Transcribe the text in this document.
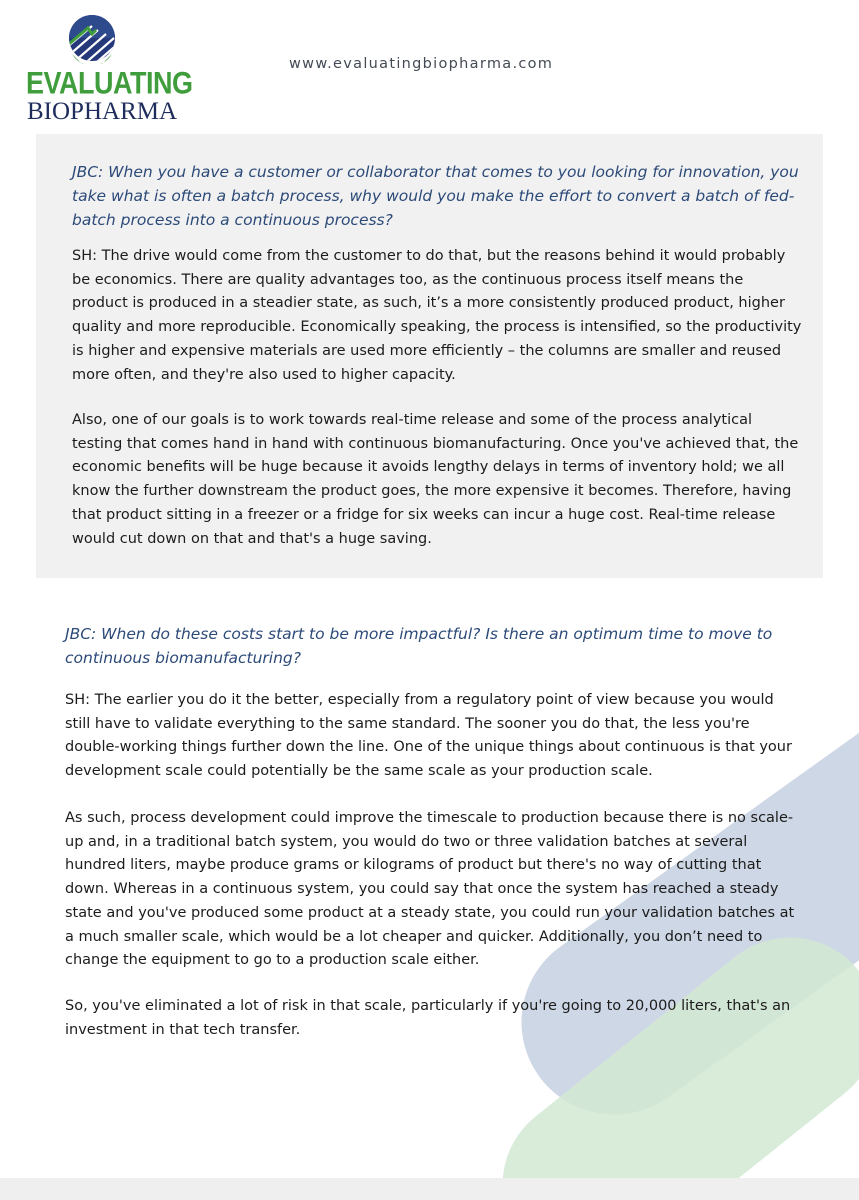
EVALUATING
BIOPHARMA
www.evaluatingbiopharma.com

JBC: When you have a customer or collaborator that comes to you looking for innovation, you take what is often a batch process, why would you make the effort to convert a batch of fed-batch process into a continuous process?

SH: The drive would come from the customer to do that, but the reasons behind it would probably be economics. There are quality advantages too, as the continuous process itself means the product is produced in a steadier state, as such, it’s a more consistently produced product, higher quality and more reproducible. Economically speaking, the process is intensified, so the productivity is higher and expensive materials are used more efficiently – the columns are smaller and reused more often, and they're also used to higher capacity.

Also, one of our goals is to work towards real-time release and some of the process analytical testing that comes hand in hand with continuous biomanufacturing. Once you've achieved that, the economic benefits will be huge because it avoids lengthy delays in terms of inventory hold; we all know the further downstream the product goes, the more expensive it becomes. Therefore, having that product sitting in a freezer or a fridge for six weeks can incur a huge cost. Real-time release would cut down on that and that's a huge saving.

JBC: When do these costs start to be more impactful? Is there an optimum time to move to continuous biomanufacturing?

SH: The earlier you do it the better, especially from a regulatory point of view because you would still have to validate everything to the same standard. The sooner you do that, the less you're double-working things further down the line. One of the unique things about continuous is that your development scale could potentially be the same scale as your production scale.

As such, process development could improve the timescale to production because there is no scale-up and, in a traditional batch system, you would do two or three validation batches at several hundred liters, maybe produce grams or kilograms of product but there's no way of cutting that down. Whereas in a continuous system, you could say that once the system has reached a steady state and you've produced some product at a steady state, you could run your validation batches at a much smaller scale, which would be a lot cheaper and quicker. Additionally, you don’t need to change the equipment to go to a production scale either.

So, you've eliminated a lot of risk in that scale, particularly if you're going to 20,000 liters, that's an investment in that tech transfer.
